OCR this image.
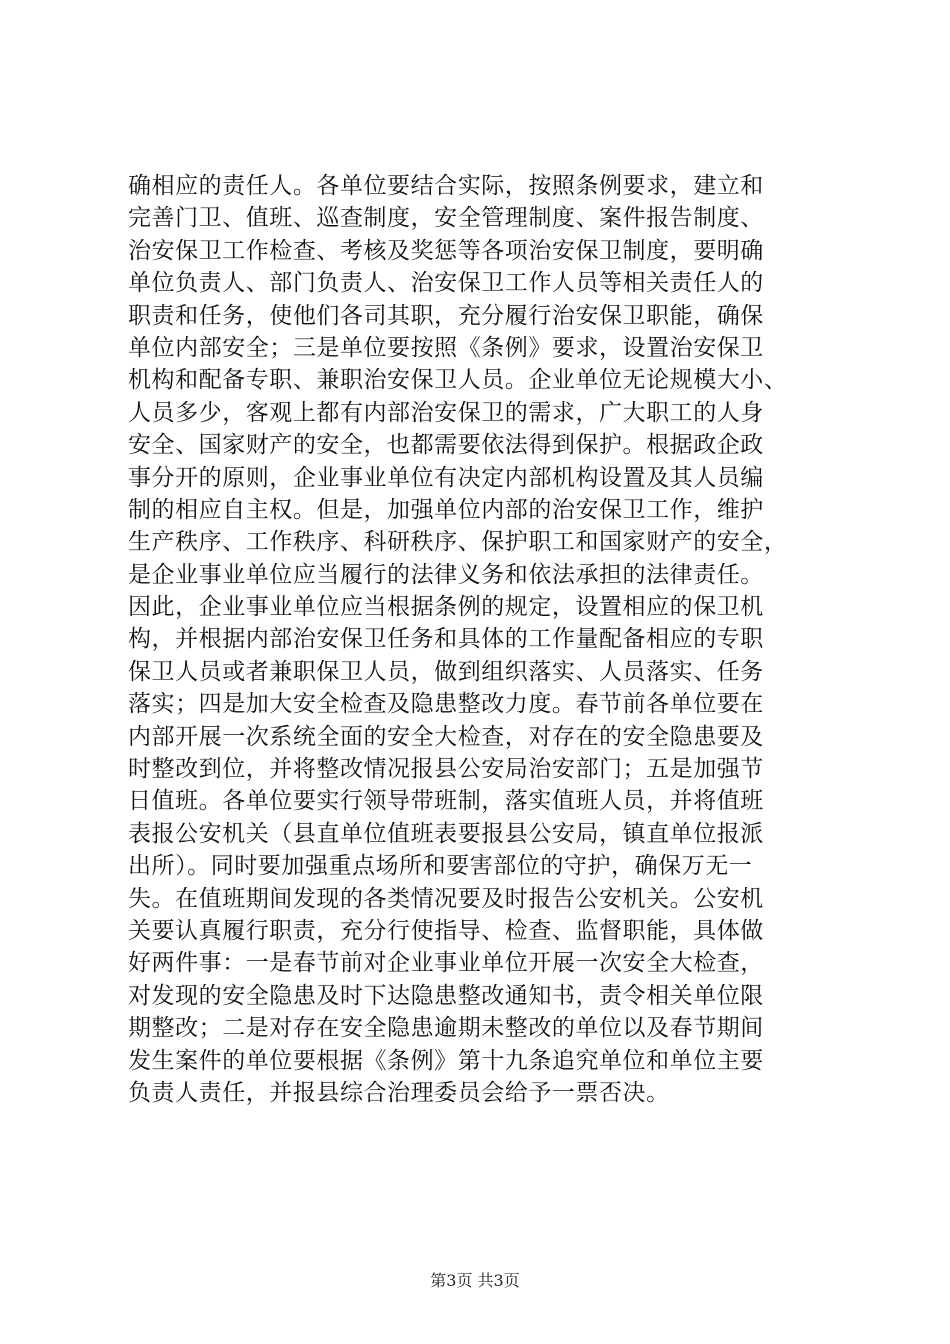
确相应的责任人。各单位要结合实际，按照条例要求，建立和
完善门卫、值班、巡查制度，安全管理制度、案件报告制度、
治安保卫工作检查、考核及奖惩等各项治安保卫制度，要明确
单位负责人、部门负责人、治安保卫工作人员等相关责任人的
职责和任务，使他们各司其职，充分履行治安保卫职能，确保
单位内部安全；三是单位要按照《条例》要求，设置治安保卫
机构和配备专职、兼职治安保卫人员。企业单位无论规模大小、
人员多少，客观上都有内部治安保卫的需求，广大职工的人身
安全、国家财产的安全，也都需要依法得到保护。根据政企政
事分开的原则，企业事业单位有决定内部机构设置及其人员编
制的相应自主权。但是，加强单位内部的治安保卫工作，维护
生产秩序、工作秩序、科研秩序、保护职工和国家财产的安全，
是企业事业单位应当履行的法律义务和依法承担的法律责任。
因此，企业事业单位应当根据条例的规定，设置相应的保卫机
构，并根据内部治安保卫任务和具体的工作量配备相应的专职
保卫人员或者兼职保卫人员，做到组织落实、人员落实、任务
落实；四是加大安全检查及隐患整改力度。春节前各单位要在
内部开展一次系统全面的安全大检查，对存在的安全隐患要及
时整改到位，并将整改情况报县公安局治安部门；五是加强节
日值班。各单位要实行领导带班制，落实值班人员，并将值班
表报公安机关（县直单位值班表要报县公安局，镇直单位报派
出所）。同时要加强重点场所和要害部位的守护，确保万无一
失。在值班期间发现的各类情况要及时报告公安机关。公安机
关要认真履行职责，充分行使指导、检查、监督职能，具体做
好两件事：一是春节前对企业事业单位开展一次安全大检查，
对发现的安全隐患及时下达隐患整改通知书，责令相关单位限
期整改；二是对存在安全隐患逾期未整改的单位以及春节期间
发生案件的单位要根据《条例》第十九条追究单位和单位主要
负责人责任，并报县综合治理委员会给予一票否决。
第3页 共3页
